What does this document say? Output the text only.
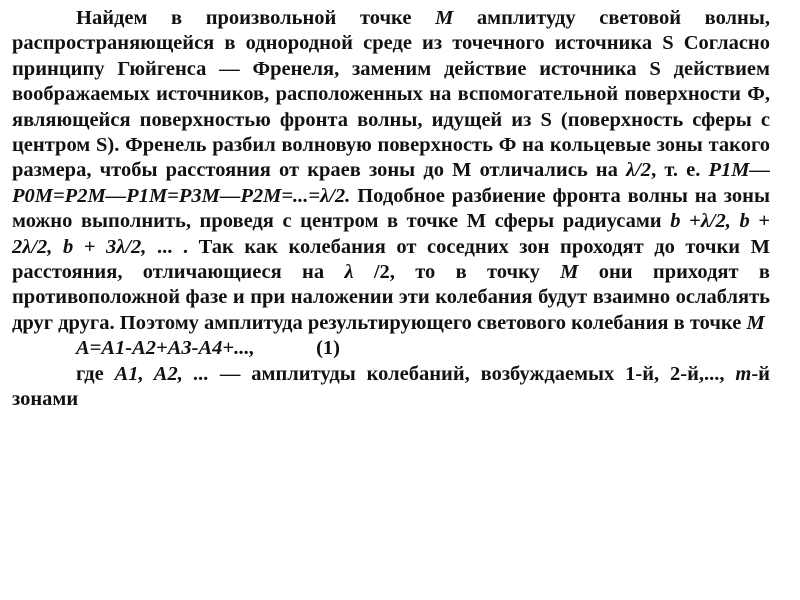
Найдем в произвольной точке М амплитуду световой волны, распространяющейся в однородной среде из точечного источника S Согласно принципу Гюйгенса — Френеля, заменим действие источника S действием воображаемых источников, расположенных на вспомогательной поверхности Ф, являющейся поверхностью фронта волны, идущей из S (поверхность сферы с центром S). Френель разбил волновую поверхность Ф на кольцевые зоны такого размера, чтобы расстояния от краев зоны до М отличались на λ/2, т. е. P1M—P0M=P2M—P1M=P3M—P2M=...=λ/2. Подобное разбиение фронта волны на зоны можно выполнить, проведя с центром в точке М сферы радиусами b +λ/2, b + 2λ/2, b + 3λ/2, ... . Так как колебания от соседних зон проходят до точки М расстояния, отличающиеся на λ /2, то в точку М они приходят в противоположной фазе и при наложении эти колебания будут взаимно ослаблять друг друга. Поэтому амплитуда результирующего светового колебания в точке М

A=A1-A2+A3-A4+...,	(1)

где A1, A2, ... — амплитуды колебаний, возбуждаемых 1-й, 2-й,..., m-й зонами
